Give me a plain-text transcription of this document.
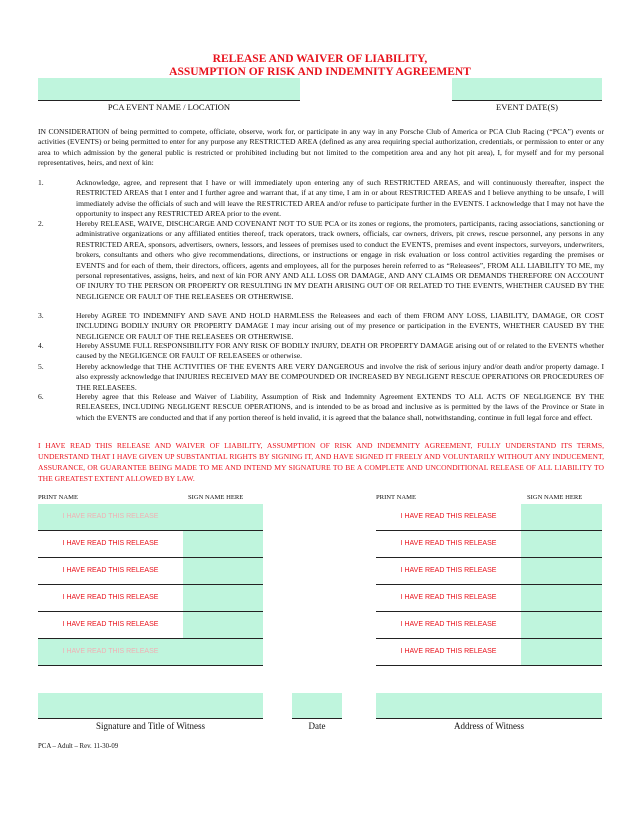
RELEASE AND WAIVER OF LIABILITY,
ASSUMPTION OF RISK AND INDEMNITY AGREEMENT
PCA EVENT NAME / LOCATION	EVENT DATE(S)
IN CONSIDERATION of being permitted to compete, officiate, observe, work for, or participate in any way in any Porsche Club of America or PCA Club Racing (“PCA”) events or activities (EVENTS) or being permitted to enter for any purpose any RESTRICTED AREA (defined as any area requiring special authorization, credentials, or permission to enter or any area to which admission by the general public is restricted or prohibited including but not limited to the competition area and any hot pit area), I, for myself and for my personal representatives, heirs, and next of kin:
1.	Acknowledge, agree, and represent that I have or will immediately upon entering any of such RESTRICTED AREAS, and will continuously thereafter, inspect the RESTRICTED AREAS that I enter and I further agree and warrant that, if at any time, I am in or about RESTRICTED AREAS and I believe anything to be unsafe, I will immediately advise the officials of such and will leave the RESTRICTED AREA and/or refuse to participate further in the EVENTS. I acknowledge that I may not have the opportunity to inspect any RESTRICTED AREA prior to the event.
2.	Hereby RELEASE, WAIVE, DISCHCARGE AND COVENANT NOT TO SUE PCA or its zones or regions, the promoters, participants, racing associations, sanctioning or administrative organizations or any affiliated entities thereof, track operators, track owners, officials, car owners, drivers, pit crews, rescue personnel, any persons in any RESTRICTED AREA, sponsors, advertisers, owners, lessors, and lessees of premises used to conduct the EVENTS, premises and event inspectors, surveyors, underwriters, brokers, consultants and others who give recommendations, directions, or instructions or engage in risk evaluation or loss control activities regarding the premises or EVENTS and for each of them, their directors, officers, agents and employees, all for the purposes herein referred to as “Releasees”, FROM ALL LIABILITY TO ME, my personal representatives, assigns, heirs, and next of kin FOR ANY AND ALL LOSS OR DAMAGE, AND ANY CLAIMS OR DEMANDS THEREFORE ON ACCOUNT OF INJURY TO THE PERSON OR PROPERTY OR RESULTING IN MY DEATH ARISING OUT OF OR RELATED TO THE EVENTS, WHETHER CAUSED BY THE NEGLIGENCE OR FAULT OF THE RELEASEES OR OTHERWISE.
3.	Hereby AGREE TO INDEMNIFY AND SAVE AND HOLD HARMLESS the Releasees and each of them FROM ANY LOSS, LIABILITY, DAMAGE, OR COST INCLUDING BODILY INJURY OR PROPERTY DAMAGE I may incur arising out of my presence or participation in the EVENTS, WHETHER CAUSED BY THE NEGLIGENCE OR FAULT OF THE RELEASEES OR OTHERWISE.
4.	Hereby ASSUME FULL RESPONSIBILITY FOR ANY RISK OF BODILY INJURY, DEATH OR PROPERTY DAMAGE arising out of or related to the EVENTS whether caused by the NEGLIGENCE OR FAULT OF RELEASEES or otherwise.
5.	Hereby acknowledge that THE ACTIVITIES OF THE EVENTS ARE VERY DANGEROUS and involve the risk of serious injury and/or death and/or property damage. I also expressly acknowledge that INJURIES RECEIVED MAY BE COMPOUNDED OR INCREASED BY NEGLIGENT RESCUE OPERATIONS OR PROCEDURES OF THE RELEASEES.
6.	Hereby agree that this Release and Waiver of Liability, Assumption of Risk and Indemnity Agreement EXTENDS TO ALL ACTS OF NEGLIGENCE BY THE RELEASEES, INCLUDING NEGLIGENT RESCUE OPERATIONS, and is intended to be as broad and inclusive as is permitted by the laws of the Province or State in which the EVENTS are conducted and that if any portion thereof is held invalid, it is agreed that the balance shall, notwithstanding, continue in full legal force and effect.
I HAVE READ THIS RELEASE AND WAIVER OF LIABILITY, ASSUMPTION OF RISK AND INDEMNITY AGREEMENT, FULLY UNDERSTAND ITS TERMS, UNDERSTAND THAT I HAVE GIVEN UP SUBSTANTIAL RIGHTS BY SIGNING IT, AND HAVE SIGNED IT FREELY AND VOLUNTARILY WITHOUT ANY INDUCEMENT, ASSURANCE, OR GUARANTEE BEING MADE TO ME AND INTEND MY SIGNATURE TO BE A COMPLETE AND UNCONDITIONAL RELEASE OF ALL LIABILITY TO THE GREATEST EXTENT ALLOWED BY LAW.
PRINT NAME	SIGN NAME HERE	PRINT NAME	SIGN NAME HERE
I HAVE READ THIS RELEASE	I HAVE READ THIS RELEASE
I HAVE READ THIS RELEASE	I HAVE READ THIS RELEASE
I HAVE READ THIS RELEASE	I HAVE READ THIS RELEASE
I HAVE READ THIS RELEASE	I HAVE READ THIS RELEASE
I HAVE READ THIS RELEASE	I HAVE READ THIS RELEASE
I HAVE READ THIS RELEASE	I HAVE READ THIS RELEASE
Signature and Title of Witness	Date	Address of Witness
PCA – Adult – Rev. 11-30-09
